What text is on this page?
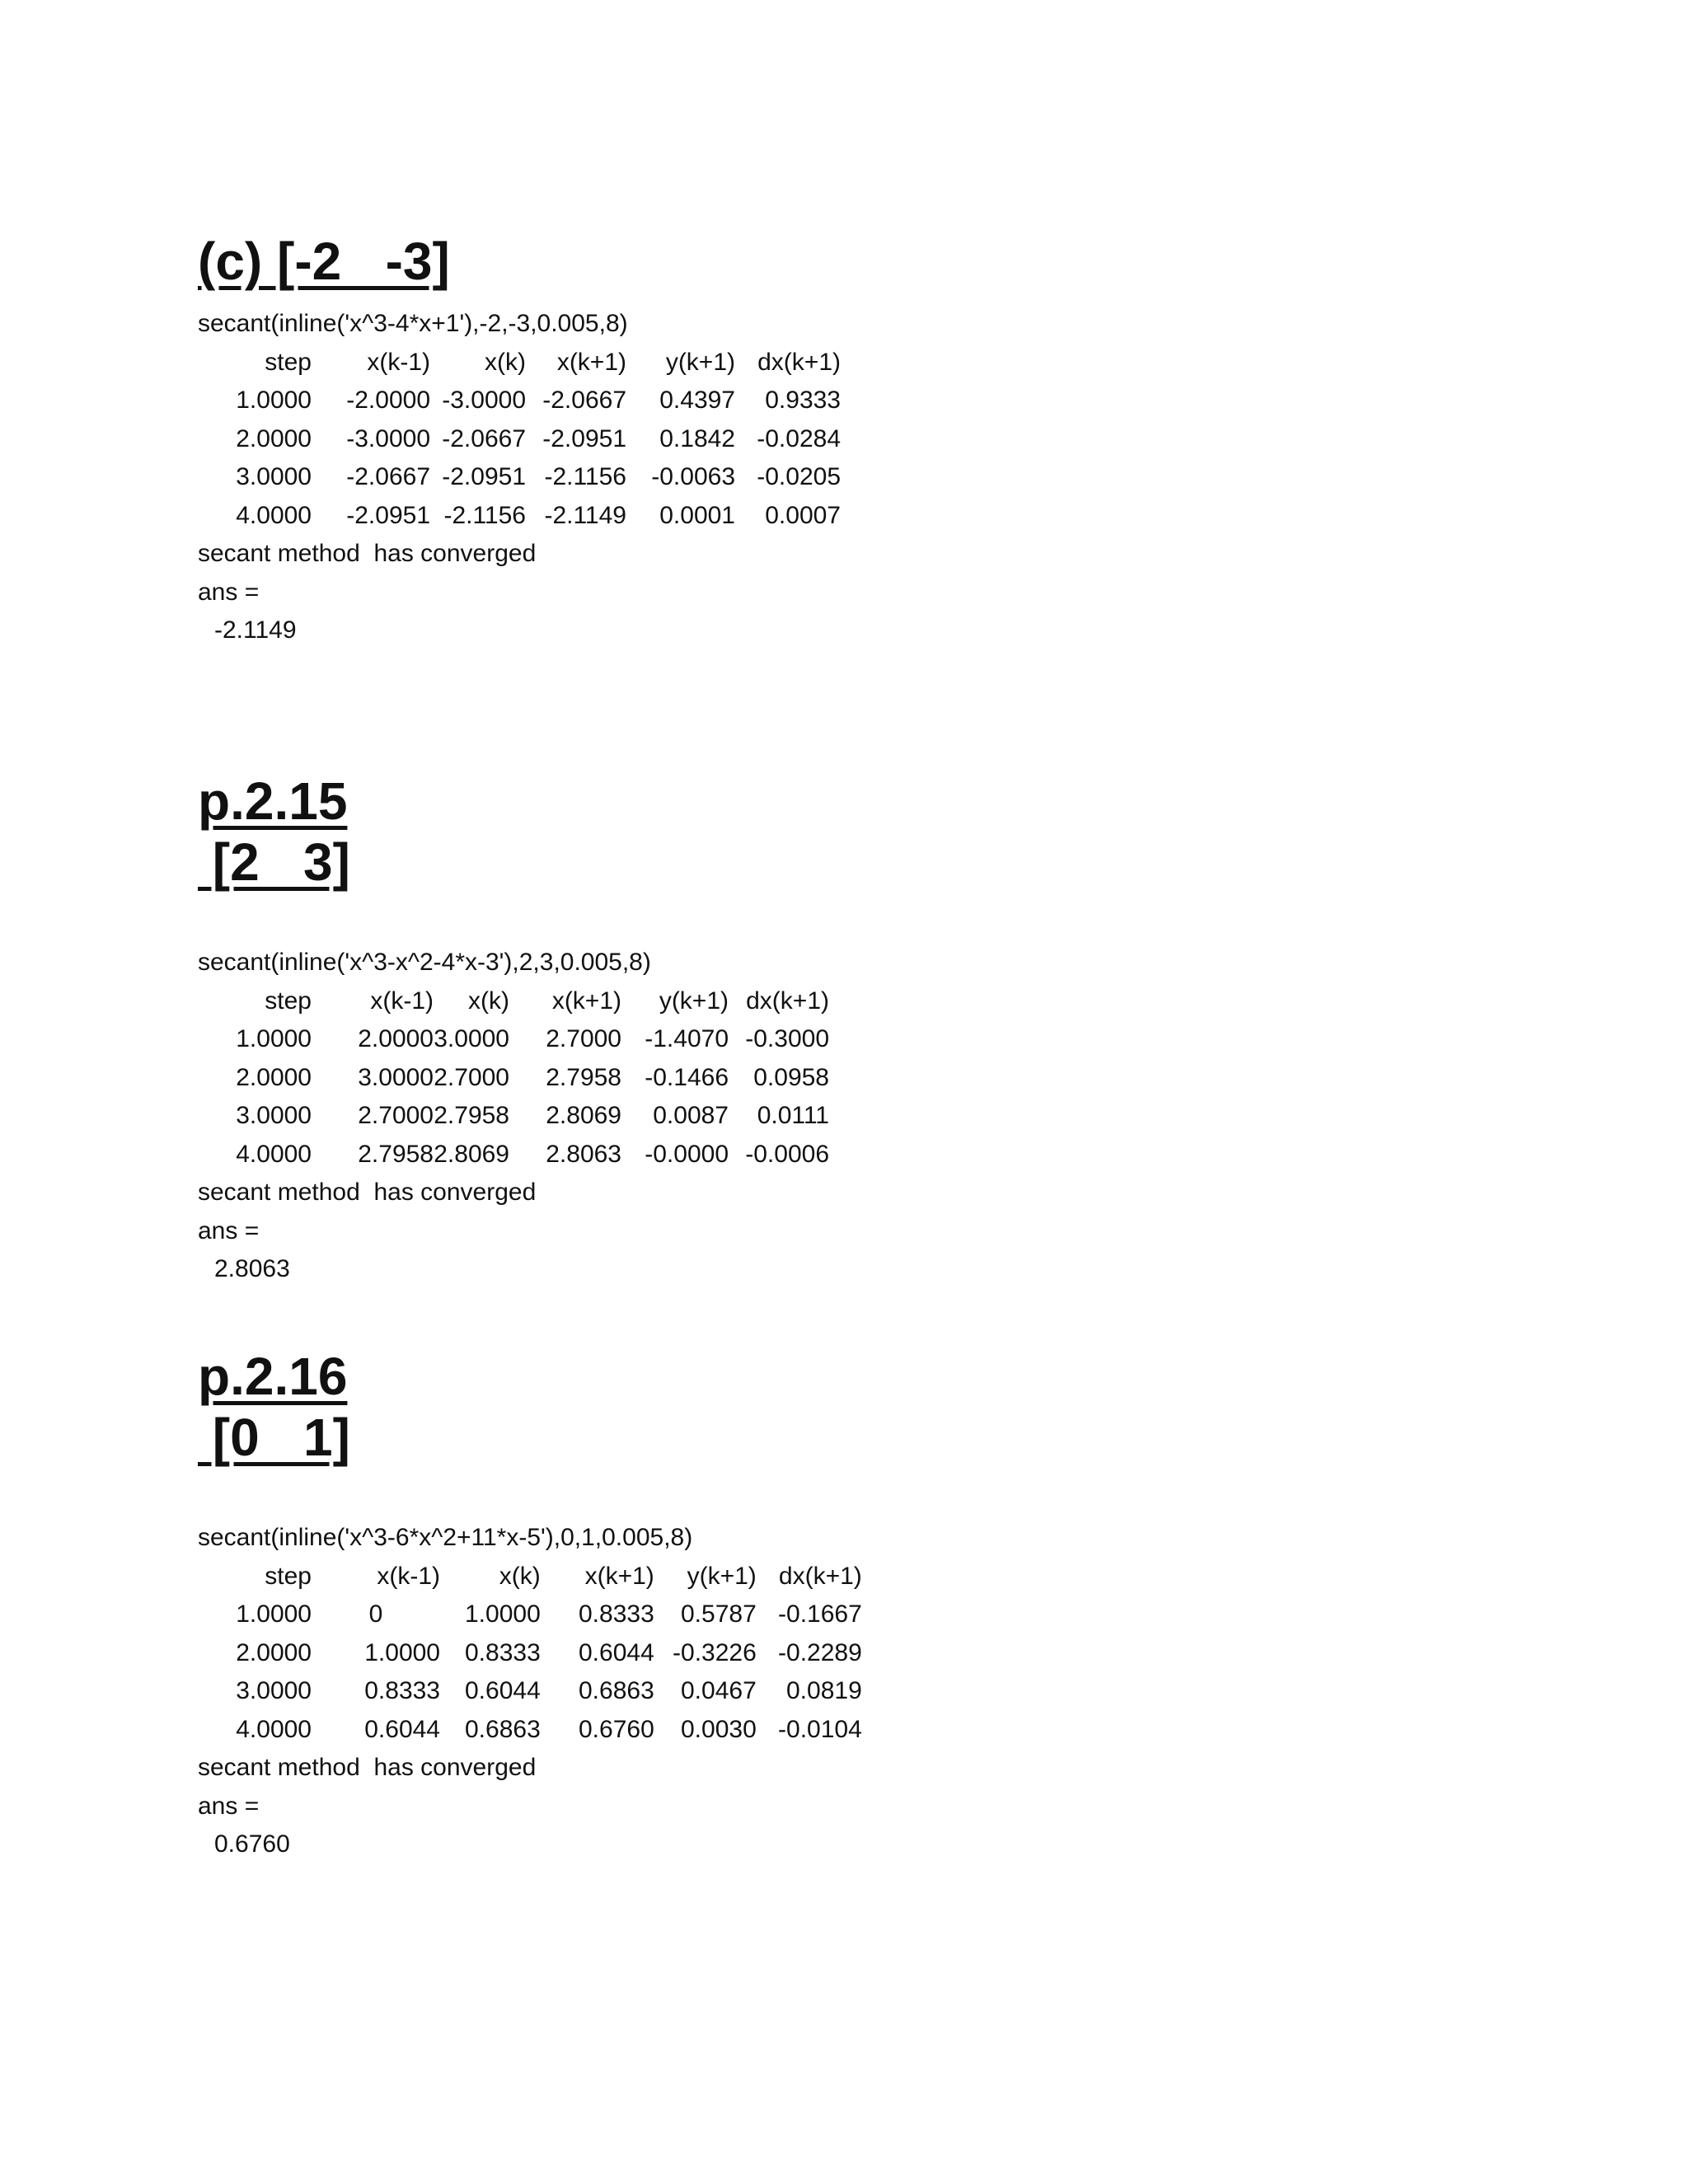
(c) [-2   -3]
secant(inline('x^3-4*x+1'),-2,-3,0.005,8)
step	x(k-1)	x(k)	x(k+1)	y(k+1)	dx(k+1)
1.0000	-2.0000	-3.0000	-2.0667	0.4397	0.9333
2.0000	-3.0000	-2.0667	-2.0951	0.1842	-0.0284
3.0000	-2.0667	-2.0951	-2.1156	-0.0063	-0.0205
4.0000	-2.0951	-2.1156	-2.1149	0.0001	0.0007
secant method  has converged
ans =
-2.1149
p.2.15
[2   3]
secant(inline('x^3-x^2-4*x-3'),2,3,0.005,8)
step	x(k-1)	x(k)	x(k+1)	y(k+1)	dx(k+1)
1.0000	2.0000	3.0000	2.7000	-1.4070	-0.3000
2.0000	3.0000	2.7000	2.7958	-0.1466	0.0958
3.0000	2.7000	2.7958	2.8069	0.0087	0.0111
4.0000	2.7958	2.8069	2.8063	-0.0000	-0.0006
secant method  has converged
ans =
2.8063
p.2.16
[0   1]
secant(inline('x^3-6*x^2+11*x-5'),0,1,0.005,8)
step	x(k-1)	x(k)	x(k+1)	y(k+1)	dx(k+1)
1.0000	0	1.0000	0.8333	0.5787	-0.1667
2.0000	1.0000	0.8333	0.6044	-0.3226	-0.2289
3.0000	0.8333	0.6044	0.6863	0.0467	0.0819
4.0000	0.6044	0.6863	0.6760	0.0030	-0.0104
secant method  has converged
ans =
0.6760
